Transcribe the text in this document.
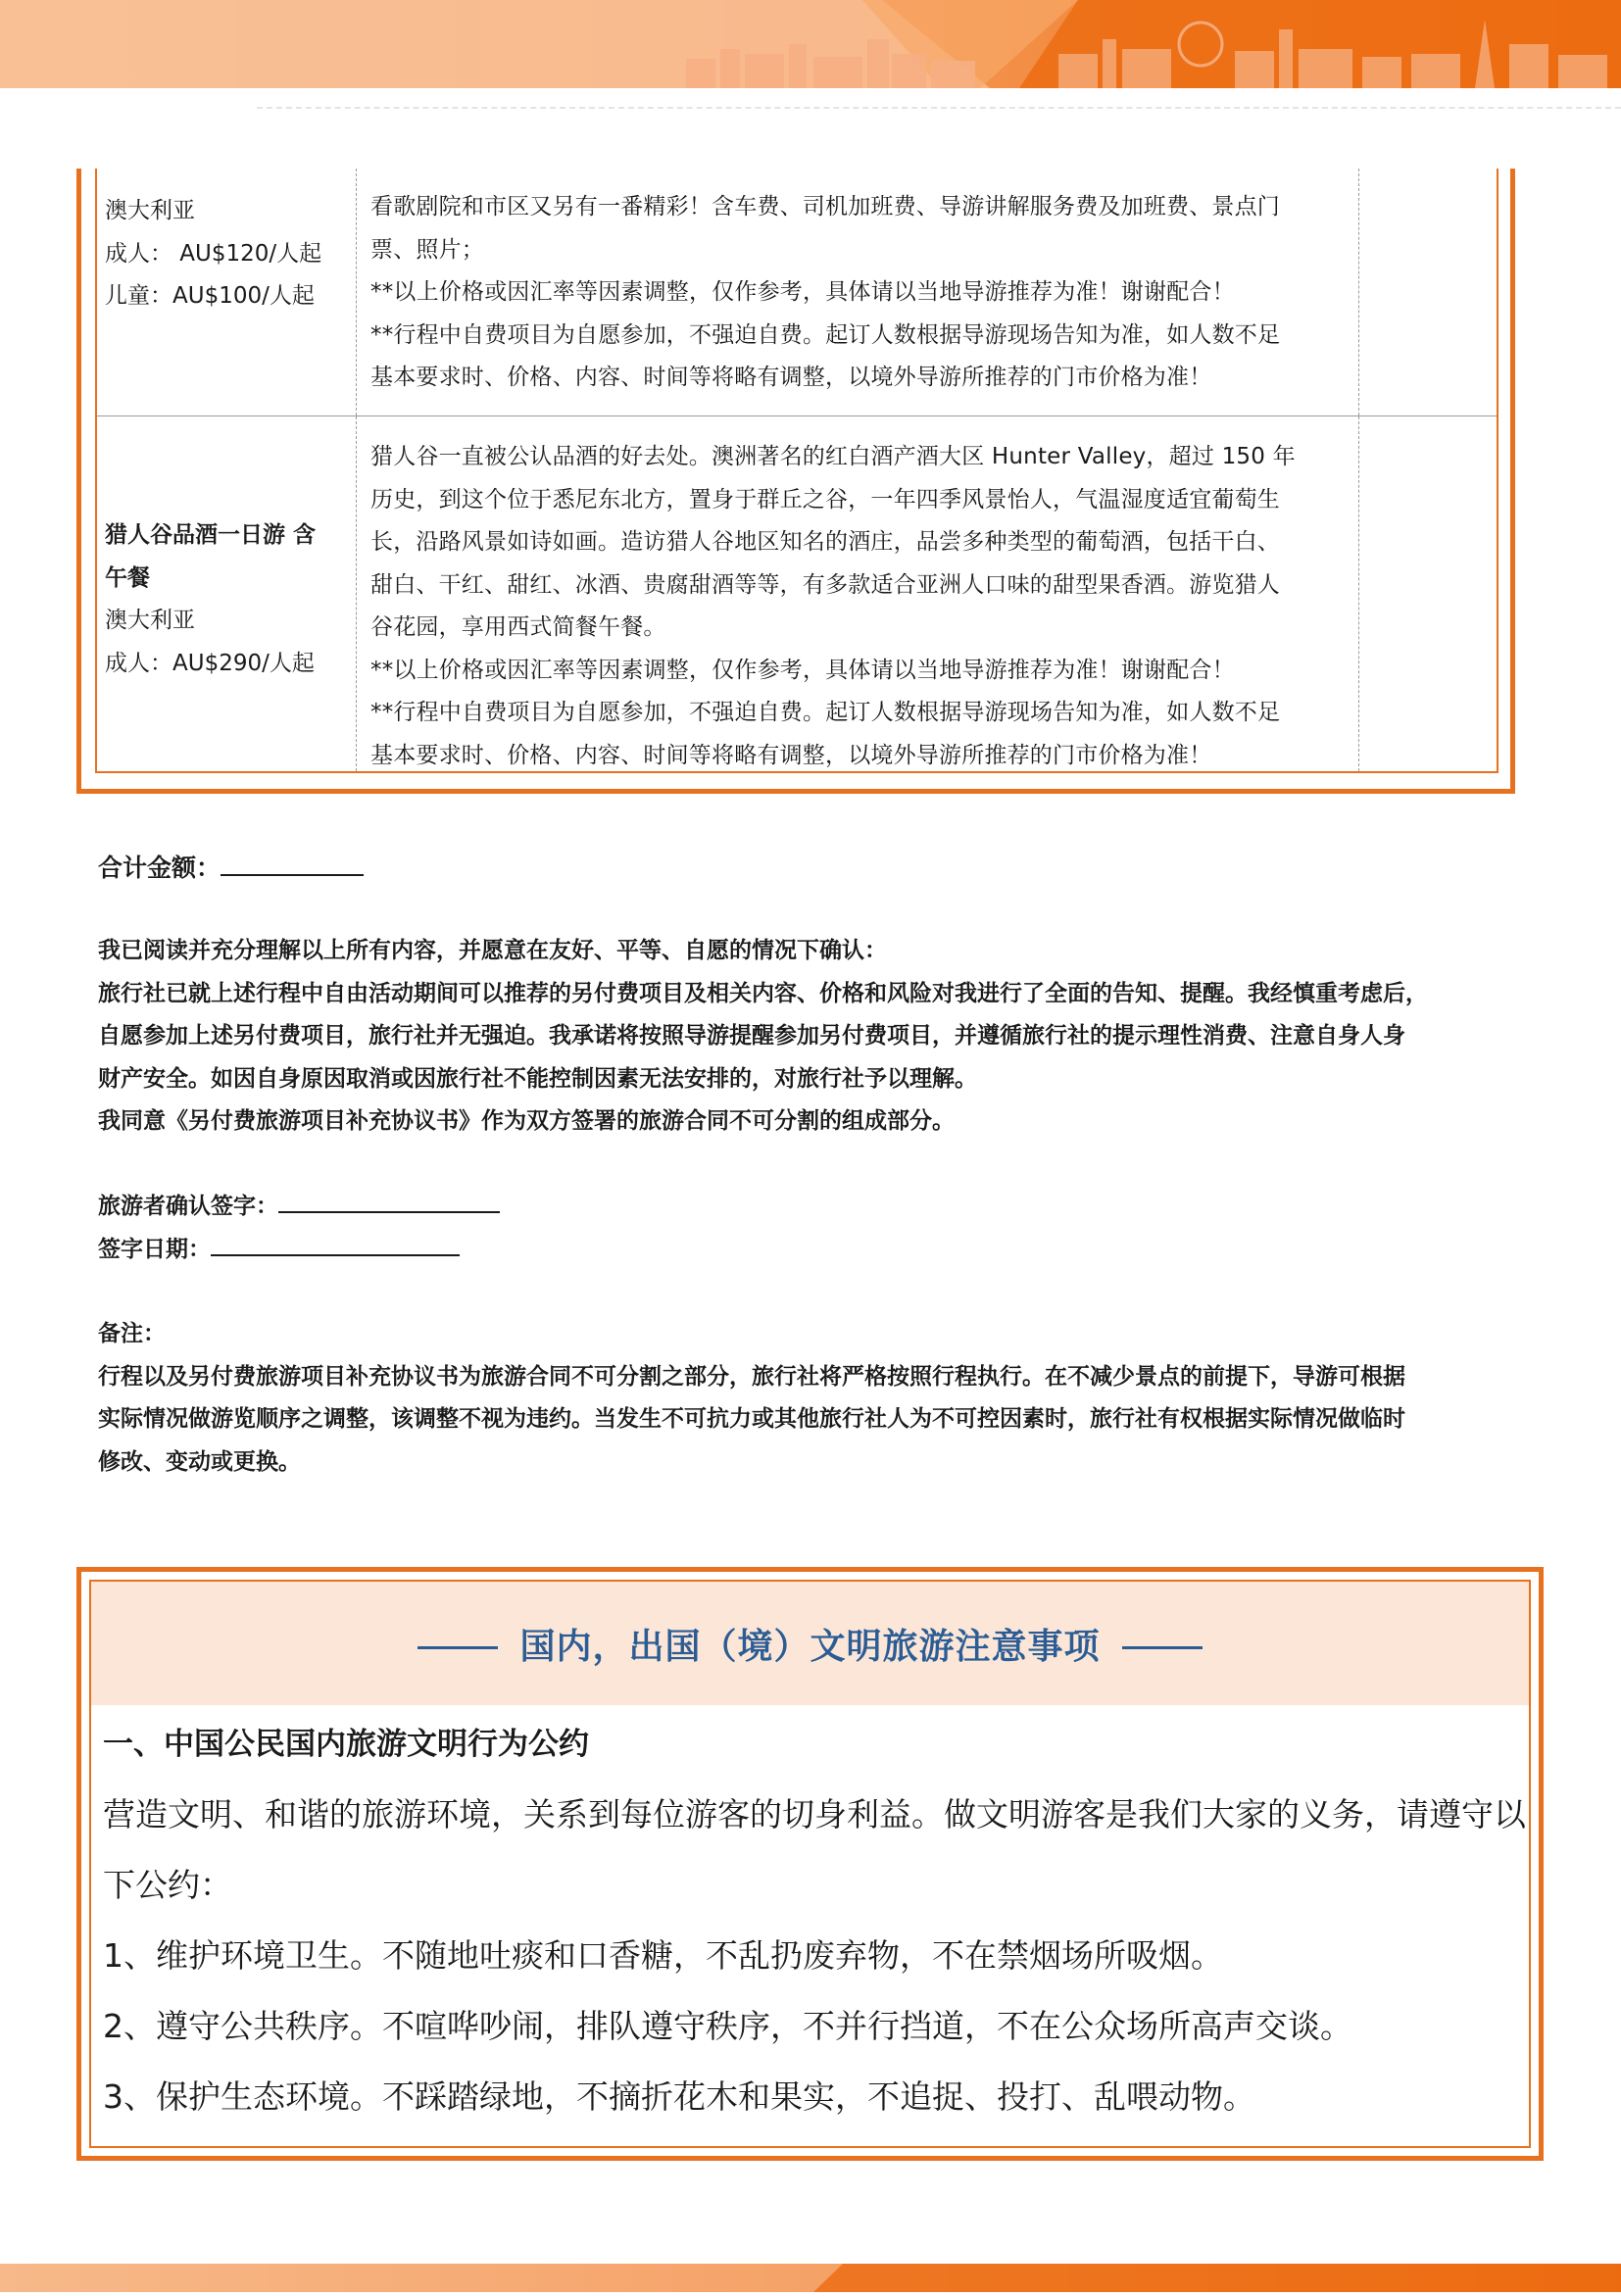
澳大利亚
成人： AU$120/人起
儿童：AU$100/人起
看歌剧院和市区又另有一番精彩！含车费、司机加班费、导游讲解服务费及加班费、景点门
票、照片；
**以上价格或因汇率等因素调整，仅作参考，具体请以当地导游推荐为准！谢谢配合！
**行程中自费项目为自愿参加，不强迫自费。起订人数根据导游现场告知为准，如人数不足
基本要求时、价格、内容、时间等将略有调整，以境外导游所推荐的门市价格为准！
猎人谷品酒一日游 含
午餐
澳大利亚
成人：AU$290/人起
猎人谷一直被公认品酒的好去处。澳洲著名的红白酒产酒大区 Hunter Valley，超过 150 年
历史，到这个位于悉尼东北方，置身于群丘之谷，一年四季风景怡人，气温湿度适宜葡萄生
长，沿路风景如诗如画。造访猎人谷地区知名的酒庄，品尝多种类型的葡萄酒，包括干白、
甜白、干红、甜红、冰酒、贵腐甜酒等等，有多款适合亚洲人口味的甜型果香酒。游览猎人
谷花园，享用西式简餐午餐。
**以上价格或因汇率等因素调整，仅作参考，具体请以当地导游推荐为准！谢谢配合！
**行程中自费项目为自愿参加，不强迫自费。起订人数根据导游现场告知为准，如人数不足
基本要求时、价格、内容、时间等将略有调整，以境外导游所推荐的门市价格为准！
合计金额：
我已阅读并充分理解以上所有内容，并愿意在友好、平等、自愿的情况下确认：
旅行社已就上述行程中自由活动期间可以推荐的另付费项目及相关内容、价格和风险对我进行了全面的告知、提醒。我经慎重考虑后，
自愿参加上述另付费项目，旅行社并无强迫。我承诺将按照导游提醒参加另付费项目，并遵循旅行社的提示理性消费、注意自身人身
财产安全。如因自身原因取消或因旅行社不能控制因素无法安排的，对旅行社予以理解。
我同意《另付费旅游项目补充协议书》作为双方签署的旅游合同不可分割的组成部分。
旅游者确认签字：
签字日期：
备注：
行程以及另付费旅游项目补充协议书为旅游合同不可分割之部分，旅行社将严格按照行程执行。在不减少景点的前提下，导游可根据
实际情况做游览顺序之调整，该调整不视为违约。当发生不可抗力或其他旅行社人为不可控因素时，旅行社有权根据实际情况做临时
修改、变动或更换。
国内，出国（境）文明旅游注意事项
一、中国公民国内旅游文明行为公约
营造文明、和谐的旅游环境，关系到每位游客的切身利益。做文明游客是我们大家的义务，请遵守以
下公约：
1、维护环境卫生。不随地吐痰和口香糖，不乱扔废弃物，不在禁烟场所吸烟。
2、遵守公共秩序。不喧哗吵闹，排队遵守秩序，不并行挡道，不在公众场所高声交谈。
3、保护生态环境。不踩踏绿地，不摘折花木和果实，不追捉、投打、乱喂动物。
